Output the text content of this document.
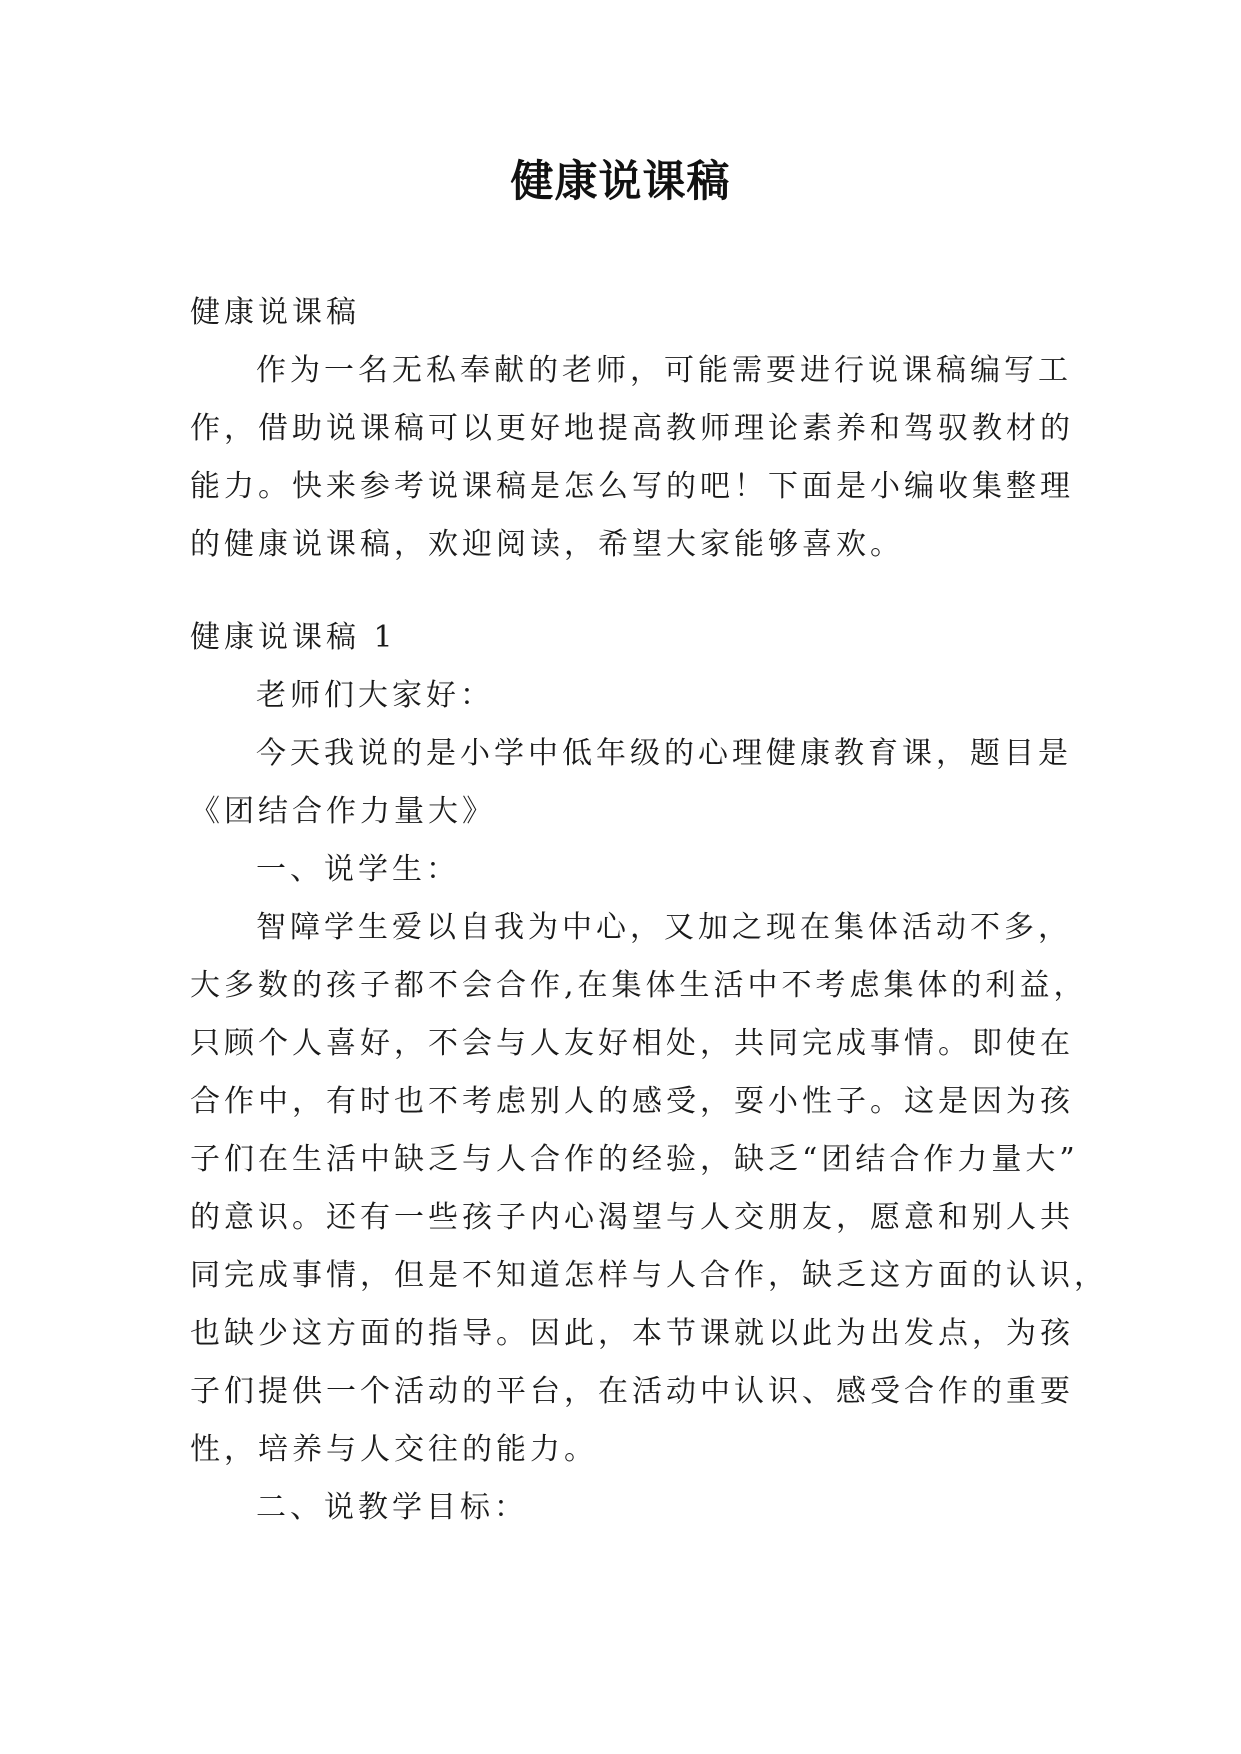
健康说课稿
健康说课稿
作为一名无私奉献的老师，可能需要进行说课稿编写工
作，借助说课稿可以更好地提高教师理论素养和驾驭教材的
能力。快来参考说课稿是怎么写的吧！下面是小编收集整理
的健康说课稿，欢迎阅读，希望大家能够喜欢。
健康说课稿 1
老师们大家好：
今天我说的是小学中低年级的心理健康教育课，题目是
《团结合作力量大》
一、说学生：
智障学生爱以自我为中心，又加之现在集体活动不多，
大多数的孩子都不会合作,在集体生活中不考虑集体的利益，
只顾个人喜好，不会与人友好相处，共同完成事情。即使在
合作中，有时也不考虑别人的感受，耍小性子。这是因为孩
子们在生活中缺乏与人合作的经验，缺乏“团结合作力量大”
的意识。还有一些孩子内心渴望与人交朋友，愿意和别人共
同完成事情，但是不知道怎样与人合作，缺乏这方面的认识，
也缺少这方面的指导。因此，本节课就以此为出发点，为孩
子们提供一个活动的平台，在活动中认识、感受合作的重要
性，培养与人交往的能力。
二、说教学目标：
